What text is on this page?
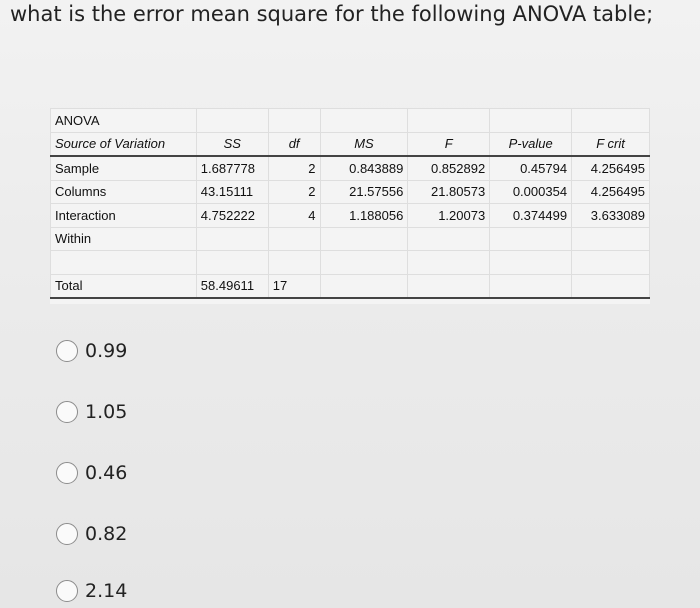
what is the error mean square for the following ANOVA table;
ANOVA						
Source of Variation	SS	df	MS	F	P-value	F crit
Sample	1.687778	2	0.843889	0.852892	0.45794	4.256495
Columns	43.15111	2	21.57556	21.80573	0.000354	4.256495
Interaction	4.752222	4	1.188056	1.20073	0.374499	3.633089
Within						

Total	58.49611	17				
0.99
1.05
0.46
0.82
2.14
